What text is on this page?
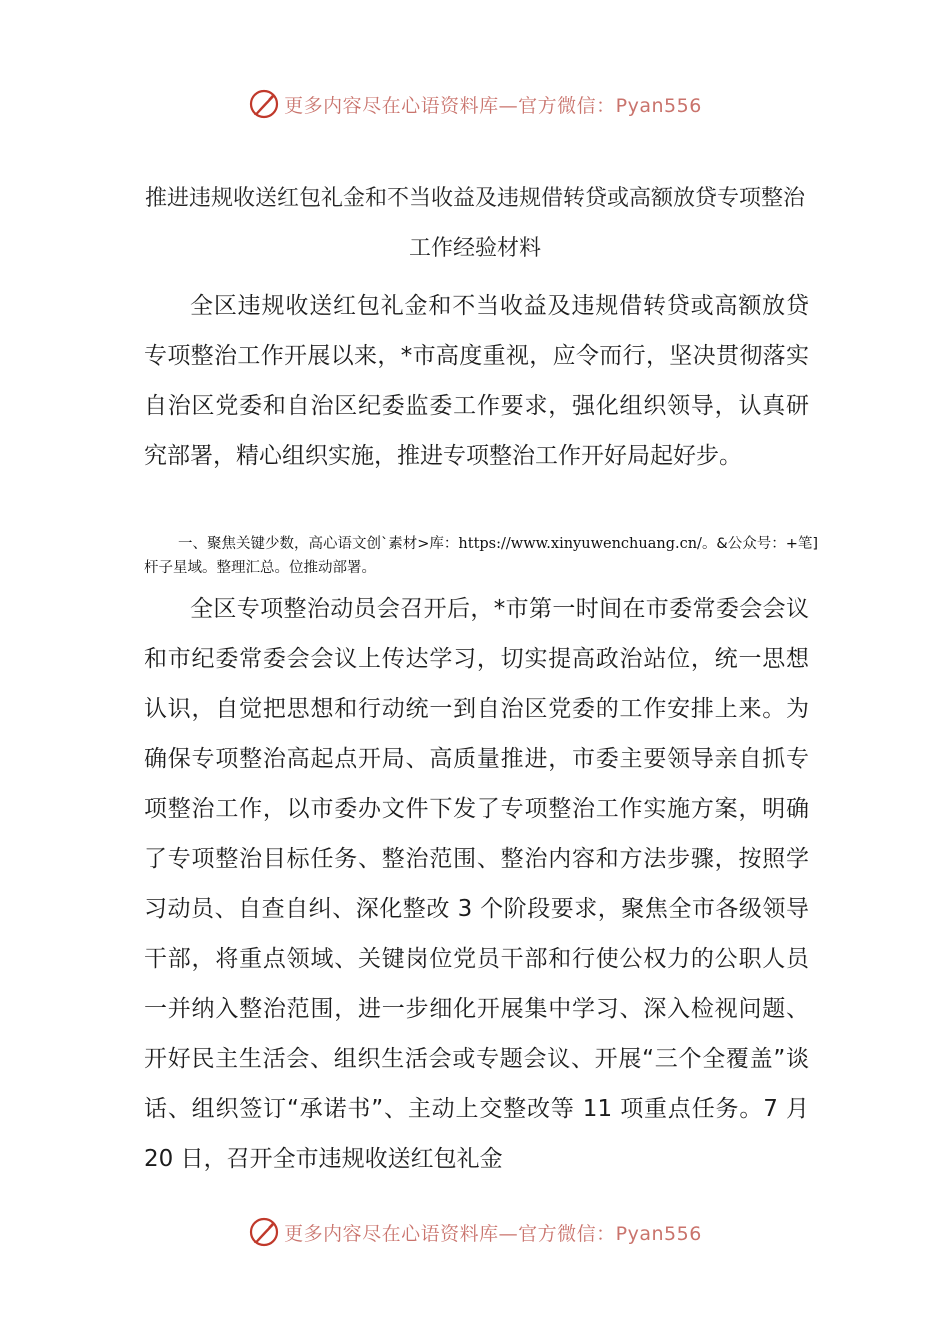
更多内容尽在心语资料库—官方微信：Pyan556
推进违规收送红包礼金和不当收益及违规借转贷或高额放贷专项整治工作经验材料

全区违规收送红包礼金和不当收益及违规借转贷或高额放贷专项整治工作开展以来，*市高度重视，应令而行，坚决贯彻落实自治区党委和自治区纪委监委工作要求，强化组织领导，认真研究部署，精心组织实施，推进专项整治工作开好局起好步。

一、聚焦关键少数，高心语文创`素材>库：https://www.xinyuwenchuang.cn/。&公众号：+笔]杆子星域。整理汇总。位推动部署。

全区专项整治动员会召开后，*市第一时间在市委常委会会议和市纪委常委会会议上传达学习，切实提高政治站位，统一思想认识，自觉把思想和行动统一到自治区党委的工作安排上来。为确保专项整治高起点开局、高质量推进，市委主要领导亲自抓专项整治工作，以市委办文件下发了专项整治工作实施方案，明确了专项整治目标任务、整治范围、整治内容和方法步骤，按照学习动员、自查自纠、深化整改 3 个阶段要求，聚焦全市各级领导干部，将重点领域、关键岗位党员干部和行使公权力的公职人员一并纳入整治范围，进一步细化开展集中学习、深入检视问题、开好民主生活会、组织生活会或专题会议、开展“三个全覆盖”谈话、组织签订“承诺书”、主动上交整改等 11 项重点任务。7 月 20 日，召开全市违规收送红包礼金

更多内容尽在心语资料库—官方微信：Pyan556
